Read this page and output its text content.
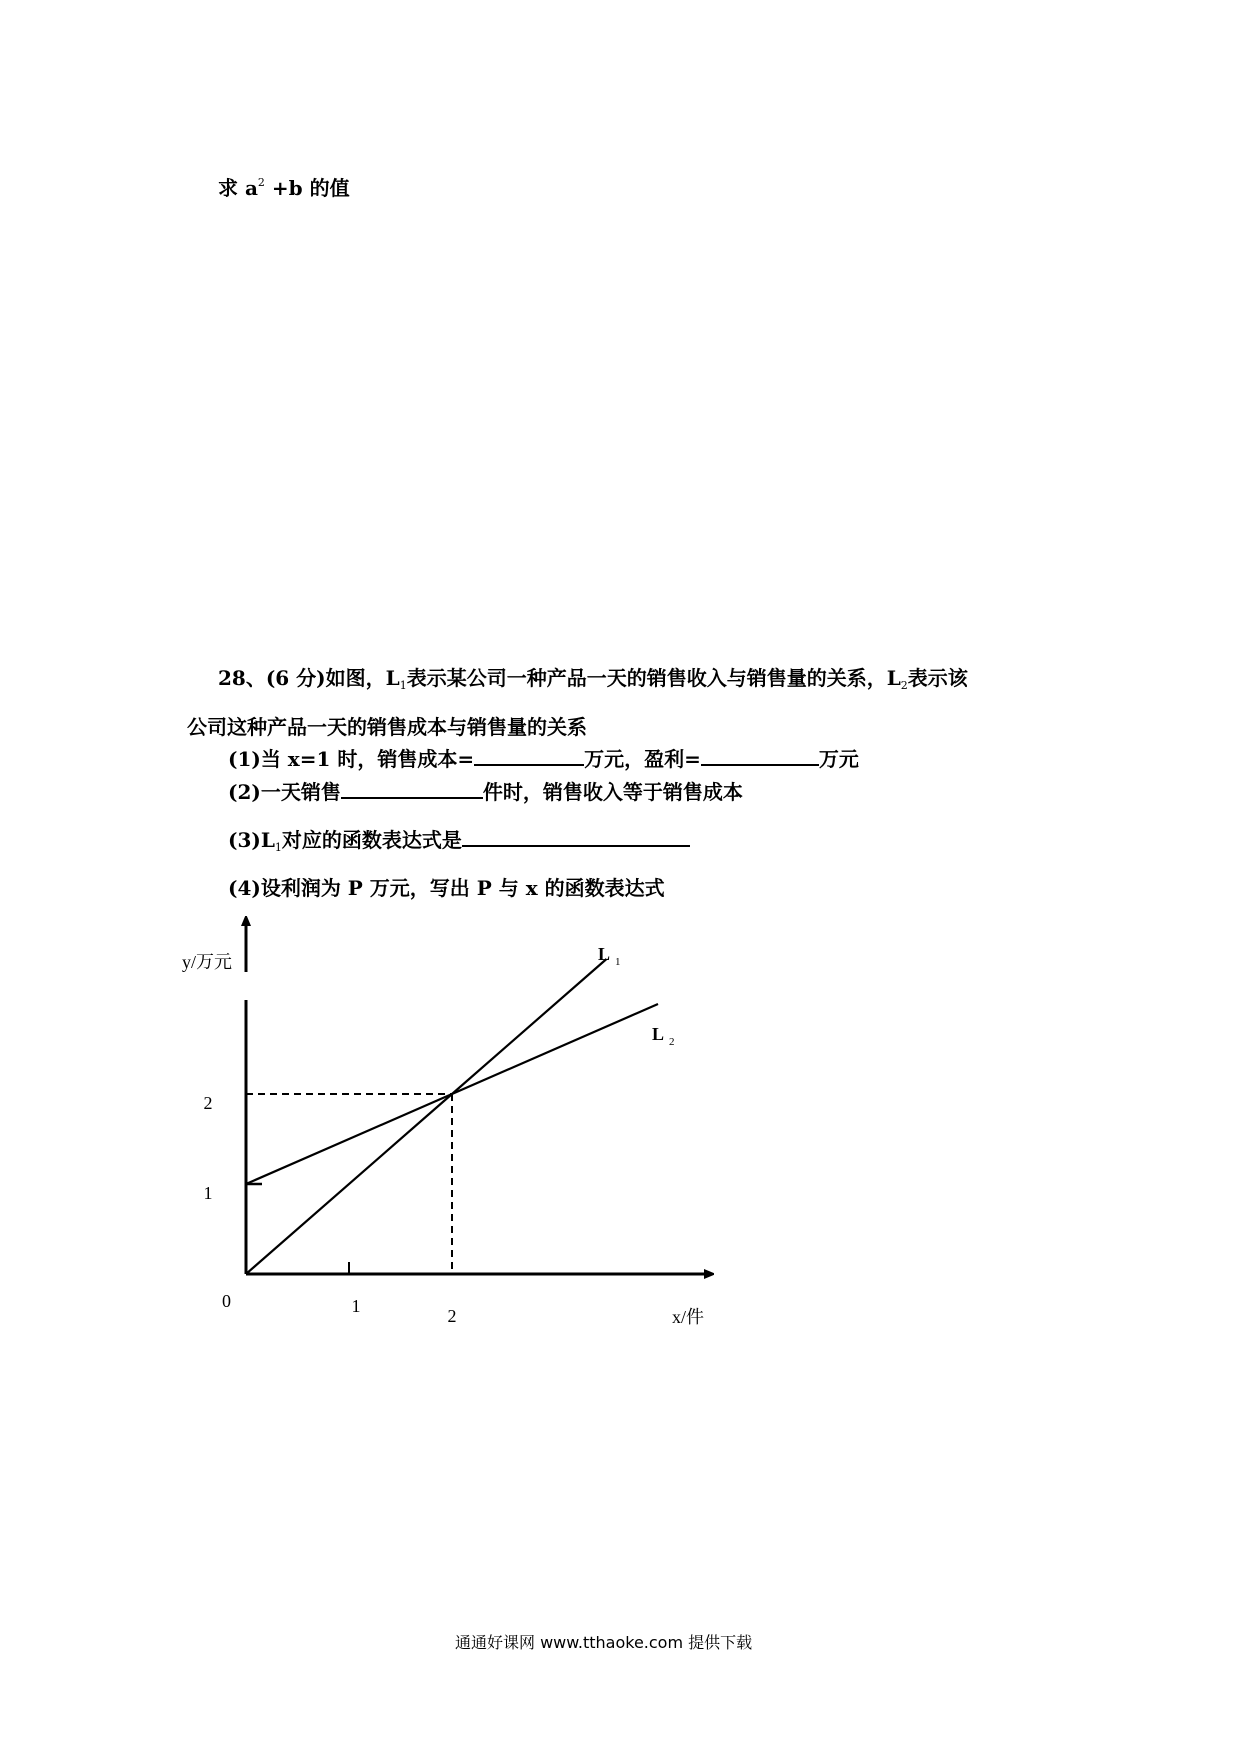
求 $a^2 +b$ 的值
28、(6 分)如图，$L_1$表示某公司一种产品一天的销售收入与销售量的关系，$L_2$表示该
公司这种产品一天的销售成本与销售量的关系
(1)当 x=1 时，销售成本=	万元，盈利=	万元
(2)一天销售	件时，销售收入等于销售成本
$(3)L_1$对应的函数表达式是
(4)设利润为 P 万元，写出 P 与 x 的函数表达式
y/万元
x/件
0	1	2
1
2
L 1
L 2
通通好课网 www.tthaoke.com 提供下载
